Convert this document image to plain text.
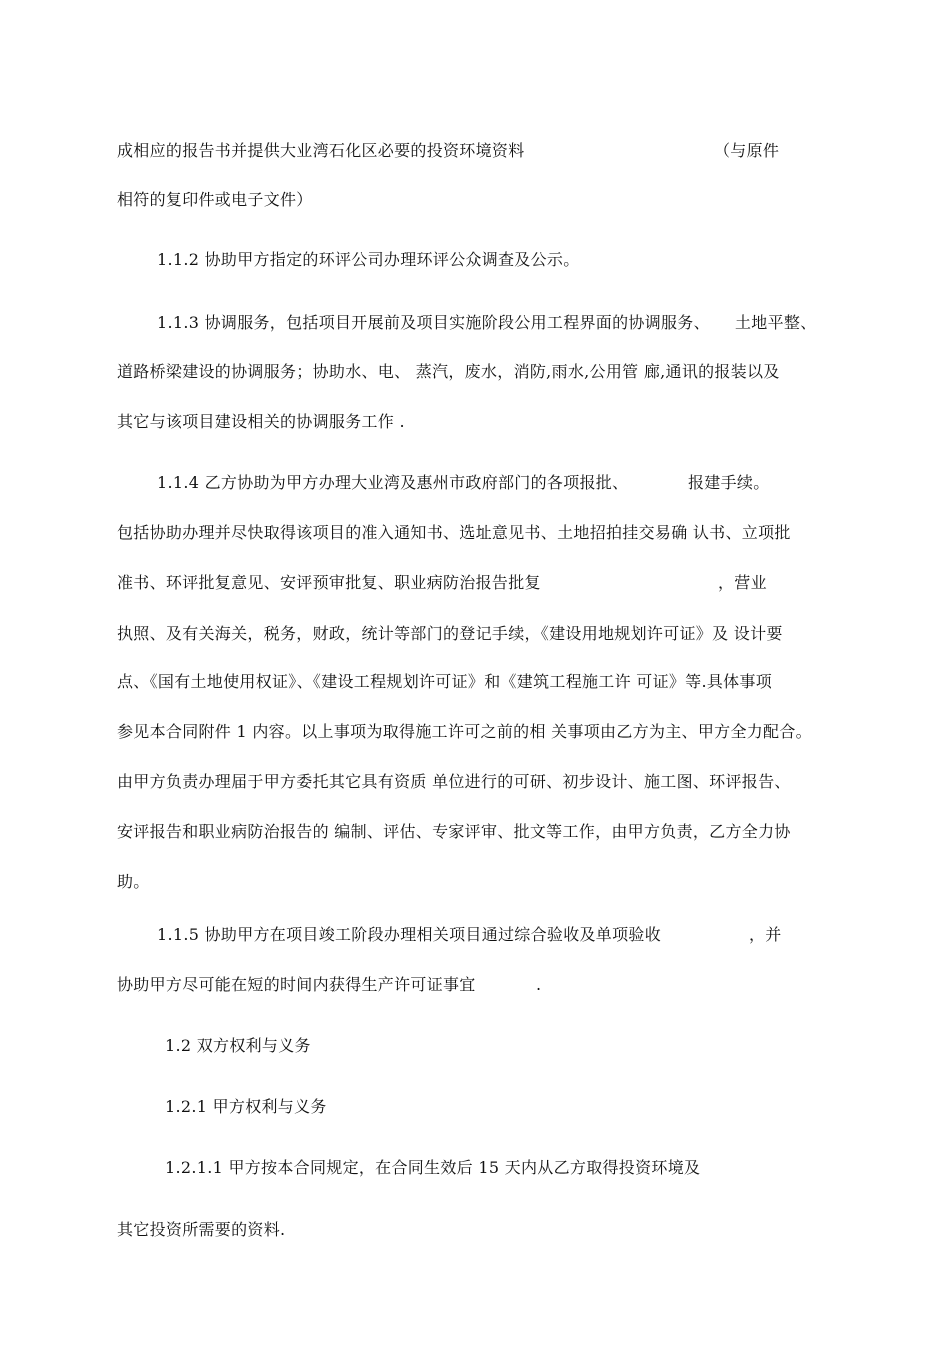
成相应的报告书并提供大业湾石化区必要的投资环境资料	（与原件
相符的复印件或电子文件）
1.1.2 协助甲方指定的环评公司办理环评公众调查及公示。
1.1.3 协调服务，包括项目开展前及项目实施阶段公用工程界面的协调服务、 土地平整、
道路桥梁建设的协调服务；协助水、电、 蒸汽，废水，消防,雨水,公用管 廊,通讯的报装以及
其它与该项目建设相关的协调服务工作 .
1.1.4 乙方协助为甲方办理大业湾及惠州市政府部门的各项报批、	报建手续。
包括协助办理并尽快取得该项目的准入通知书、选址意见书、土地招拍挂交易确 认书、立项批
准书、环评批复意见、安评预审批复、职业病防治报告批复	，营业
执照、及有关海关，税务，财政，统计等部门的登记手续，《建设用地规划许可证》及 设计要
点、《国有土地使用权证》、《建设工程规划许可证》和《建筑工程施工许 可证》等.具体事项
参见本合同附件 1 内容。以上事项为取得施工许可之前的相 关事项由乙方为主、甲方全力配合。
由甲方负责办理届于甲方委托其它具有资质 单位进行的可研、初步设计、施工图、环评报告、
安评报告和职业病防治报告的 编制、评估、专家评审、批文等工作，由甲方负责，乙方全力协
助。
1.1.5 协助甲方在项目竣工阶段办理相关项目通过综合验收及单项验收	，并
协助甲方尽可能在短的时间内获得生产许可证事宜	.
1.2 双方权利与义务
1.2.1 甲方权利与义务
1.2.1.1 甲方按本合同规定，在合同生效后 15 天内从乙方取得投资环境及
其它投资所需要的资料.
